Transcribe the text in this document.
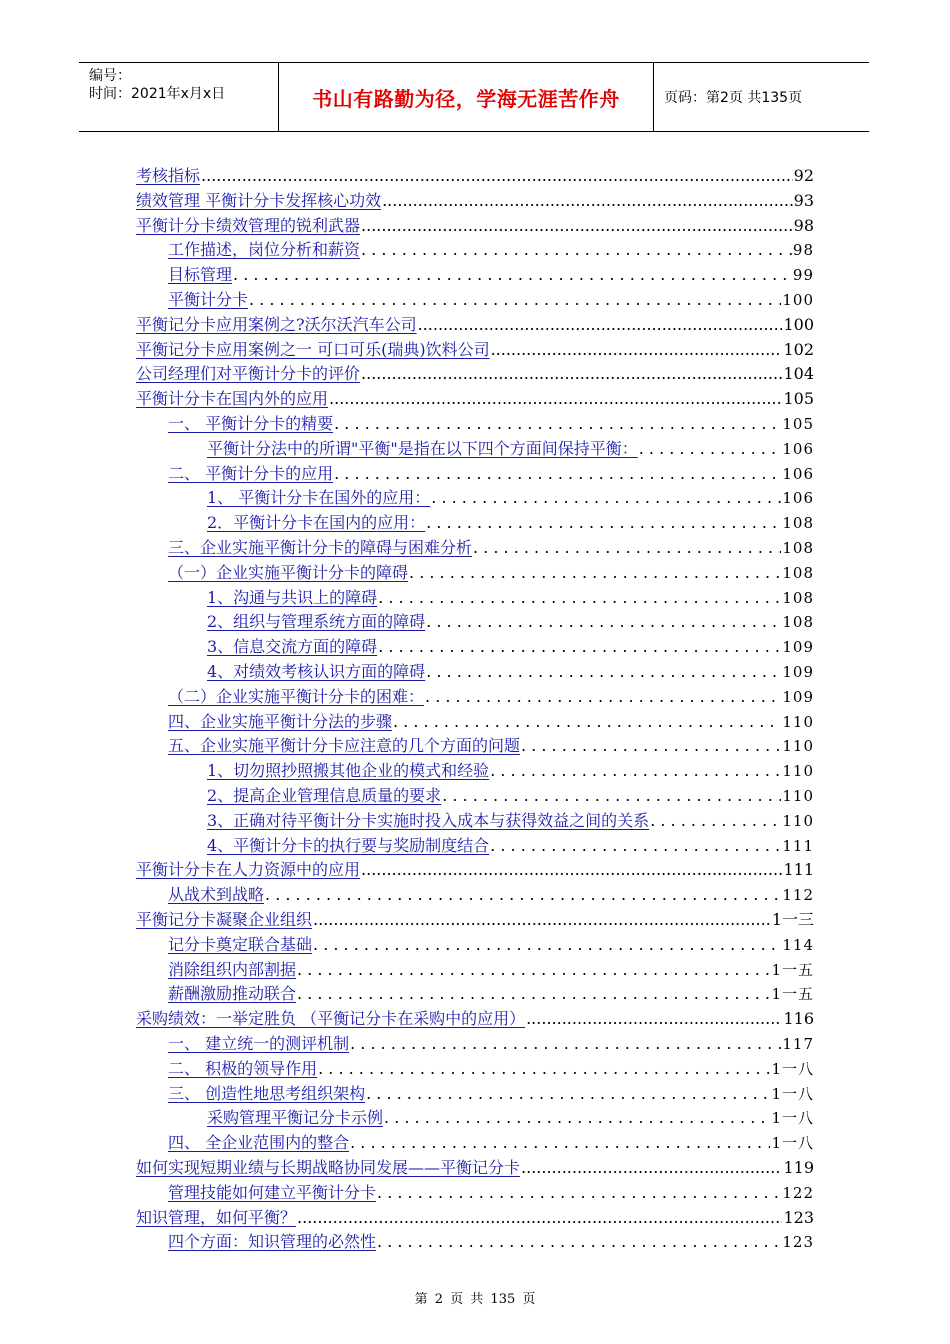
编号：
时间：2021年x月x日	书山有路勤为径，学海无涯苦作舟	页码：第2页 共135页
考核指标 .....	92
绩效管理 平衡计分卡发挥核心功效 .....	93
平衡计分卡绩效管理的锐利武器 .....	98
工作描述，岗位分析和薪资 . . .	98
目标管理 . . .	99
平衡计分卡 . . .	100
平衡记分卡应用案例之?沃尔沃汽车公司 .....	100
平衡记分卡应用案例之一 可口可乐(瑞典)饮料公司 .....	102
公司经理们对平衡计分卡的评价 .....	104
平衡计分卡在国内外的应用 .....	105
一、 平衡计分卡的精要 . . .	105
平衡计分法中的所谓"平衡"是指在以下四个方面间保持平衡： . . .	106
二、 平衡计分卡的应用 . . .	106
1、 平衡计分卡在国外的应用： . . .	106
2．平衡计分卡在国内的应用： . . .	108
三、企业实施平衡计分卡的障碍与困难分析 . . .	108
（一）企业实施平衡计分卡的障碍 . . .	108
1、沟通与共识上的障碍 . . .	108
2、组织与管理系统方面的障碍 . . .	108
3、信息交流方面的障碍 . . .	109
4、对绩效考核认识方面的障碍 . . .	109
（二）企业实施平衡计分卡的困难： . . .	109
四、企业实施平衡计分法的步骤 . . .	110
五、企业实施平衡计分卡应注意的几个方面的问题 . . .	110
1、切勿照抄照搬其他企业的模式和经验 . . .	110
2、提高企业管理信息质量的要求 . . .	110
3、正确对待平衡计分卡实施时投入成本与获得效益之间的关系 . . .	110
4、平衡计分卡的执行要与奖励制度结合 . . .	111
平衡计分卡在人力资源中的应用 .....	111
从战术到战略 . . .	112
平衡记分卡凝聚企业组织 .....	1一三
记分卡奠定联合基础 . . .	114
消除组织内部割据 . . .	1一五
薪酬激励推动联合 . . .	1一五
采购绩效：一举定胜负 （平衡记分卡在采购中的应用） .....	116
一、 建立统一的测评机制 . . .	117
二、 积极的领导作用 . . .	1一八
三、 创造性地思考组织架构 . . .	1一八
采购管理平衡记分卡示例 . . .	1一八
四、 全企业范围内的整合 . . .	1一八
如何实现短期业绩与长期战略协同发展——平衡记分卡 .....	119
管理技能如何建立平衡计分卡 . . .	122
知识管理，如何平衡？ .....	123
四个方面：知识管理的必然性 . . .	123
第 2 页 共 135 页
